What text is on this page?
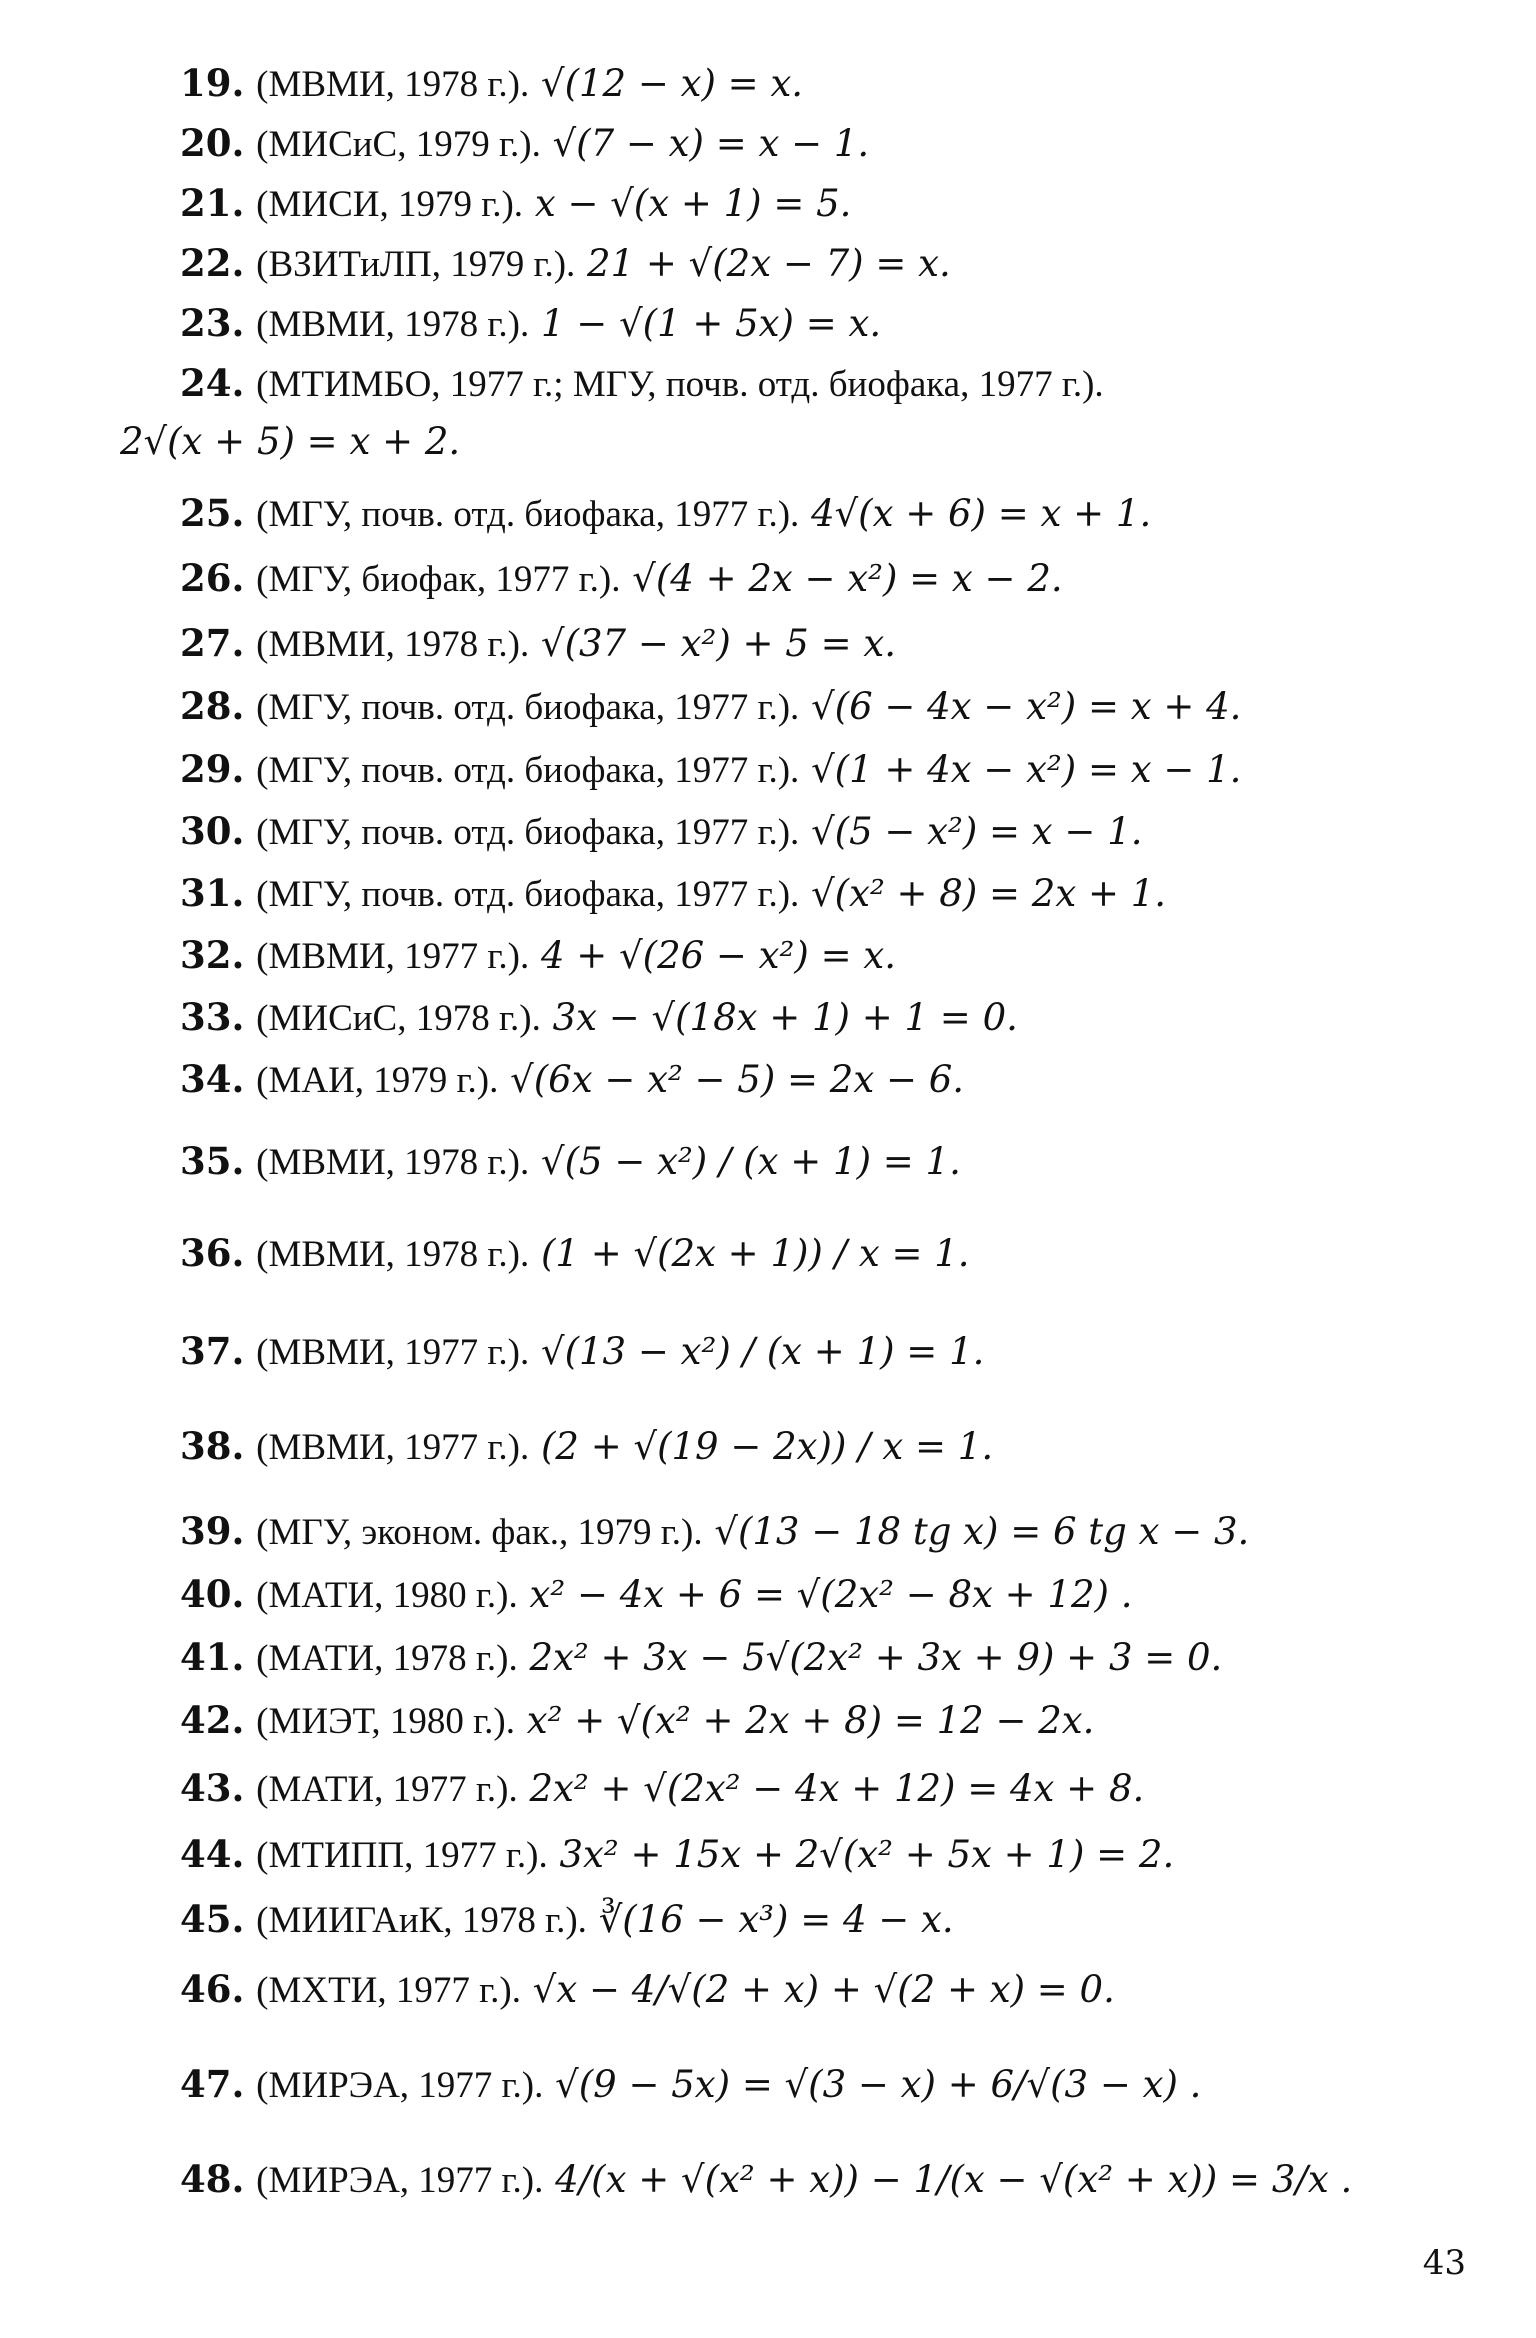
19. (МВМИ, 1978 г.). √(12 − x) = x.
20. (МИСиС, 1979 г.). √(7 − x) = x − 1.
21. (МИСИ, 1979 г.). x − √(x + 1) = 5.
22. (ВЗИТиЛП, 1979 г.). 21 + √(2x − 7) = x.
23. (МВМИ, 1978 г.). 1 − √(1 + 5x) = x.
24. (МТИМБО, 1977 г.; МГУ, почв. отд. биофака, 1977 г.).
2√(x + 5) = x + 2.
25. (МГУ, почв. отд. биофака, 1977 г.). 4√(x + 6) = x + 1.
26. (МГУ, биофак, 1977 г.). √(4 + 2x − x²) = x − 2.
27. (МВМИ, 1978 г.). √(37 − x²) + 5 = x.
28. (МГУ, почв. отд. биофака, 1977 г.). √(6 − 4x − x²) = x + 4.
29. (МГУ, почв. отд. биофака, 1977 г.). √(1 + 4x − x²) = x − 1.
30. (МГУ, почв. отд. биофака, 1977 г.). √(5 − x²) = x − 1.
31. (МГУ, почв. отд. биофака, 1977 г.). √(x² + 8) = 2x + 1.
32. (МВМИ, 1977 г.). 4 + √(26 − x²) = x.
33. (МИСиС, 1978 г.). 3x − √(18x + 1) + 1 = 0.
34. (МАИ, 1979 г.). √(6x − x² − 5) = 2x − 6.
35. (МВМИ, 1978 г.). √(5 − x²) / (x + 1) = 1.
36. (МВМИ, 1978 г.). (1 + √(2x + 1)) / x = 1.
37. (МВМИ, 1977 г.). √(13 − x²) / (x + 1) = 1.
38. (МВМИ, 1977 г.). (2 + √(19 − 2x)) / x = 1.
39. (МГУ, эконом. фак., 1979 г.). √(13 − 18 tg x) = 6 tg x − 3.
40. (МАТИ, 1980 г.). x² − 4x + 6 = √(2x² − 8x + 12) .
41. (МАТИ, 1978 г.). 2x² + 3x − 5√(2x² + 3x + 9) + 3 = 0.
42. (МИЭТ, 1980 г.). x² + √(x² + 2x + 8) = 12 − 2x.
43. (МАТИ, 1977 г.). 2x² + √(2x² − 4x + 12) = 4x + 8.
44. (МТИПП, 1977 г.). 3x² + 15x + 2√(x² + 5x + 1) = 2.
45. (МИИГАиК, 1978 г.). ∛(16 − x³) = 4 − x.
46. (МХТИ, 1977 г.). √x − 4/√(2 + x) + √(2 + x) = 0.
47. (МИРЭА, 1977 г.). √(9 − 5x) = √(3 − x) + 6/√(3 − x) .
48. (МИРЭА, 1977 г.). 4/(x + √(x² + x)) − 1/(x − √(x² + x)) = 3/x .
43
